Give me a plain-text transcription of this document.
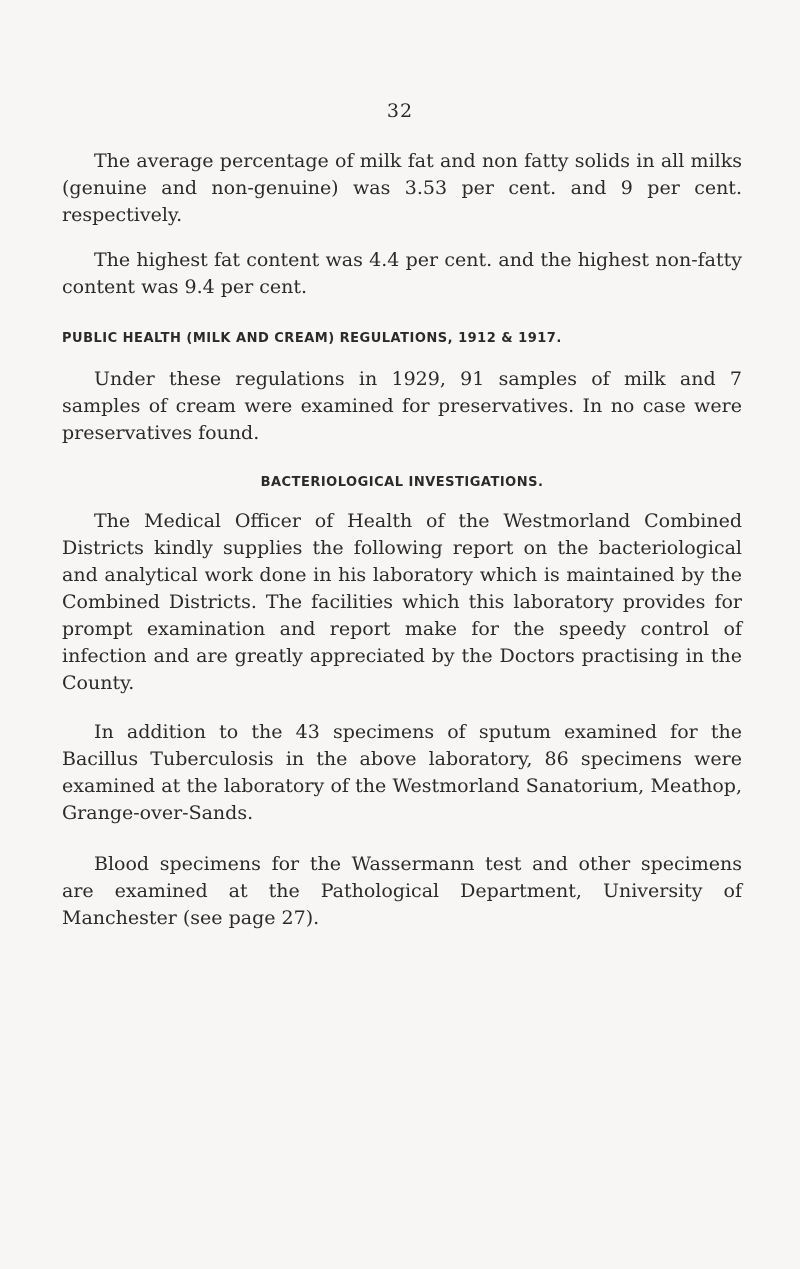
32

The average percentage of milk fat and non fatty solids in all milks (genuine and non-genuine) was 3.53 per cent. and 9 per cent. respectively.

The highest fat content was 4.4 per cent. and the highest non-fatty content was 9.4 per cent.

PUBLIC HEALTH (MILK AND CREAM) REGULATIONS, 1912 & 1917.

Under these regulations in 1929, 91 samples of milk and 7 samples of cream were examined for preservatives. In no case were preservatives found.

BACTERIOLOGICAL INVESTIGATIONS.

The Medical Officer of Health of the Westmorland Combined Districts kindly supplies the following report on the bacteriological and analytical work done in his laboratory which is maintained by the Combined Districts. The facilities which this laboratory provides for prompt examination and report make for the speedy control of infection and are greatly appreciated by the Doctors practising in the County.

In addition to the 43 specimens of sputum examined for the Bacillus Tuberculosis in the above laboratory, 86 specimens were examined at the laboratory of the Westmorland Sanatorium, Meathop, Grange-over-Sands.

Blood specimens for the Wassermann test and other specimens are examined at the Pathological Department, University of Manchester (see page 27).
